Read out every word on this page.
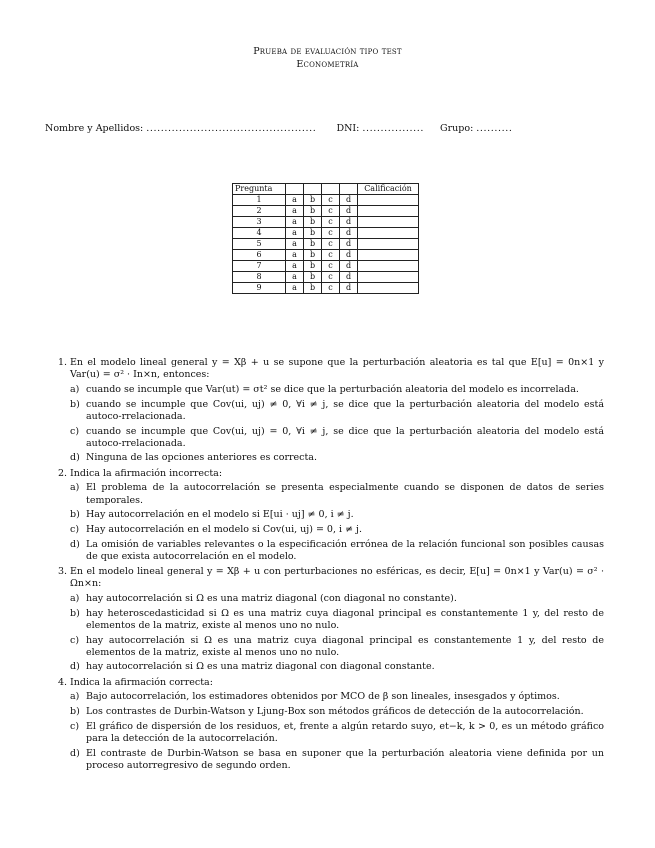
Prueba de evaluación tipo test
Econometría
Nombre y Apellidos: ............................................... DNI: ................. Grupo: ..........
Pregunta					Calificación
1	a	b	c	d	
2	a	b	c	d	
3	a	b	c	d	
4	a	b	c	d	
5	a	b	c	d	
6	a	b	c	d	
7	a	b	c	d	
8	a	b	c	d	
9	a	b	c	d	
1. En el modelo lineal general y = Xβ + u se supone que la perturbación aleatoria es tal que E[u] = 0n×1 y Var(u) = σ² · In×n, entonces:
a) cuando se incumple que Var(ut) = σt² se dice que la perturbación aleatoria del modelo es incorrelada.
b) cuando se incumple que Cov(ui, uj) ≠ 0, ∀i ≠ j, se dice que la perturbación aleatoria del modelo está autoco-rrelacionada.
c) cuando se incumple que Cov(ui, uj) = 0, ∀i ≠ j, se dice que la perturbación aleatoria del modelo está autoco-rrelacionada.
d) Ninguna de las opciones anteriores es correcta.
2. Indica la afirmación incorrecta:
a) El problema de la autocorrelación se presenta especialmente cuando se disponen de datos de series temporales.
b) Hay autocorrelación en el modelo si E[ui · uj] ≠ 0, i ≠ j.
c) Hay autocorrelación en el modelo si Cov(ui, uj) = 0, i ≠ j.
d) La omisión de variables relevantes o la especificación errónea de la relación funcional son posibles causas de que exista autocorrelación en el modelo.
3. En el modelo lineal general y = Xβ + u con perturbaciones no esféricas, es decir, E[u] = 0n×1 y Var(u) = σ² · Ωn×n:
a) hay autocorrelación si Ω es una matriz diagonal (con diagonal no constante).
b) hay heteroscedasticidad si Ω es una matriz cuya diagonal principal es constantemente 1 y, del resto de elementos de la matriz, existe al menos uno no nulo.
c) hay autocorrelación si Ω es una matriz cuya diagonal principal es constantemente 1 y, del resto de elementos de la matriz, existe al menos uno no nulo.
d) hay autocorrelación si Ω es una matriz diagonal con diagonal constante.
4. Indica la afirmación correcta:
a) Bajo autocorrelación, los estimadores obtenidos por MCO de β son lineales, insesgados y óptimos.
b) Los contrastes de Durbin-Watson y Ljung-Box son métodos gráficos de detección de la autocorrelación.
c) El gráfico de dispersión de los residuos, et, frente a algún retardo suyo, et−k, k > 0, es un método gráfico para la detección de la autocorrelación.
d) El contraste de Durbin-Watson se basa en suponer que la perturbación aleatoria viene definida por un proceso autorregresivo de segundo orden.
